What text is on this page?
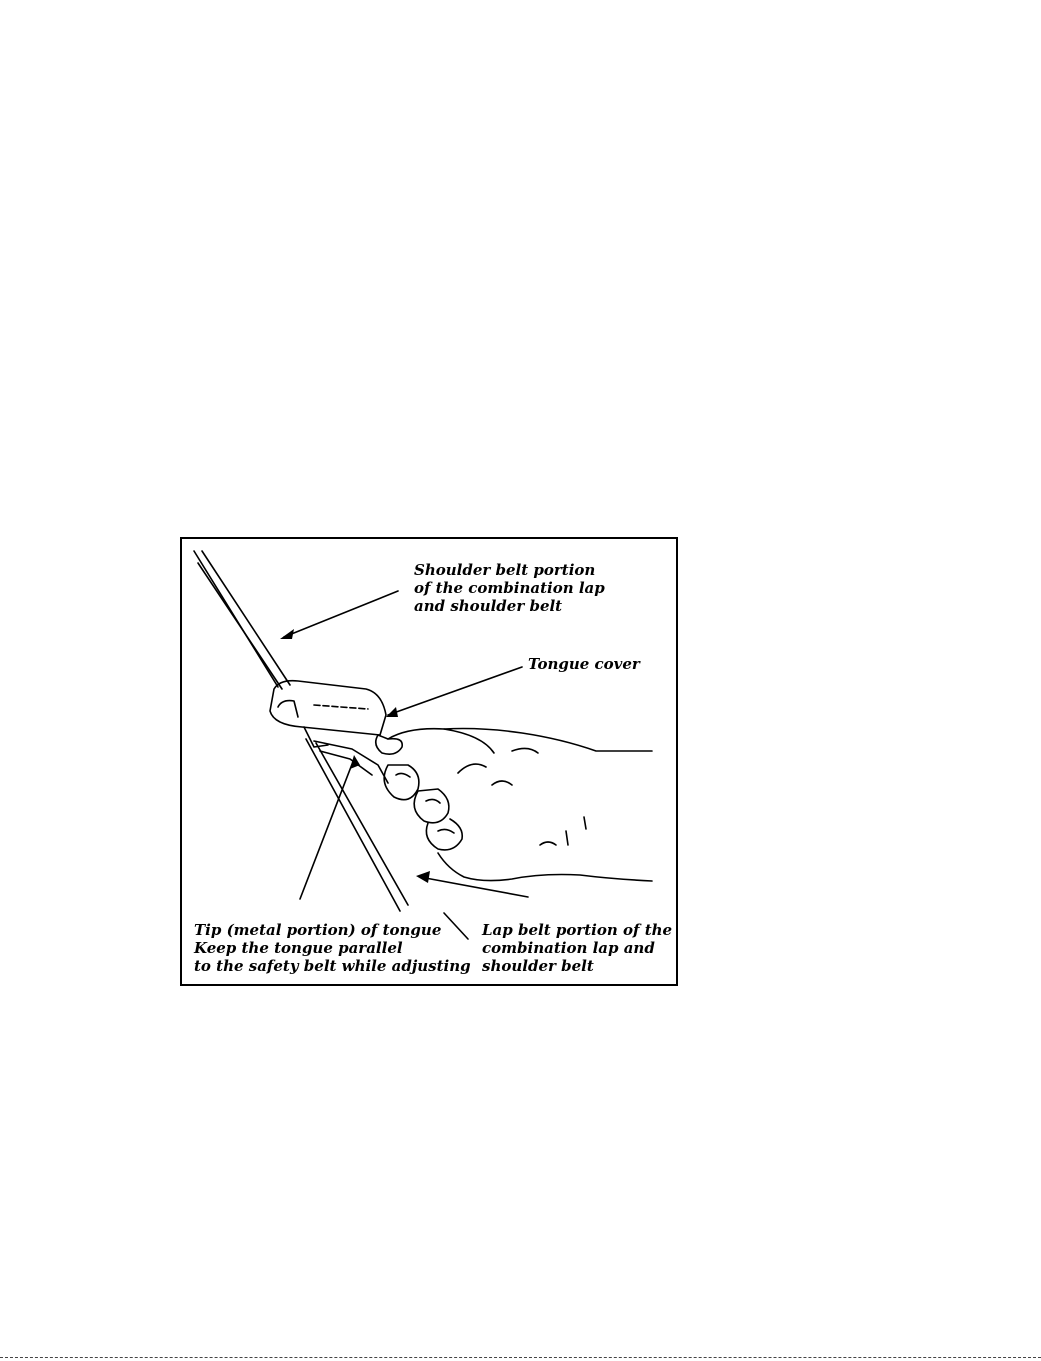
Shoulder belt portion
of the combination lap
and shoulder belt
Tongue cover
Tip (metal portion) of tongue
Keep the tongue parallel
to the safety belt while adjusting
Lap belt portion of the
combination lap and
shoulder belt
